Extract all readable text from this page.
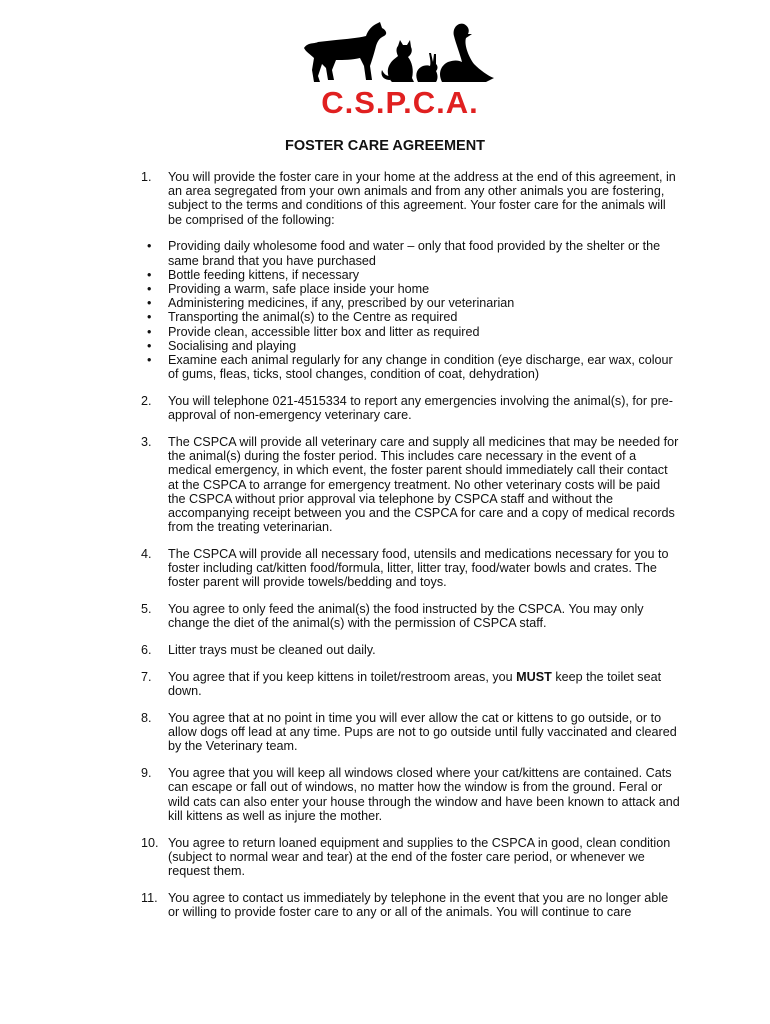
C.S.P.C.A.
FOSTER CARE AGREEMENT
1. You will provide the foster care in your home at the address at the end of this agreement, in an area segregated from your own animals and from any other animals you are fostering, subject to the terms and conditions of this agreement. Your foster care for the animals will be comprised of the following:
• Providing daily wholesome food and water – only that food provided by the shelter or the same brand that you have purchased
• Bottle feeding kittens, if necessary
• Providing a warm, safe place inside your home
• Administering medicines, if any, prescribed by our veterinarian
• Transporting the animal(s) to the Centre as required
• Provide clean, accessible litter box and litter as required
• Socialising and playing
• Examine each animal regularly for any change in condition (eye discharge, ear wax, colour of gums, fleas, ticks, stool changes, condition of coat, dehydration)
2. You will telephone 021-4515334 to report any emergencies involving the animal(s), for pre-approval of non-emergency veterinary care.
3. The CSPCA will provide all veterinary care and supply all medicines that may be needed for the animal(s) during the foster period. This includes care necessary in the event of a medical emergency, in which event, the foster parent should immediately call their contact at the CSPCA to arrange for emergency treatment. No other veterinary costs will be paid the CSPCA without prior approval via telephone by CSPCA staff and without the accompanying receipt between you and the CSPCA for care and a copy of medical records from the treating veterinarian.
4. The CSPCA will provide all necessary food, utensils and medications necessary for you to foster including cat/kitten food/formula, litter, litter tray, food/water bowls and crates. The foster parent will provide towels/bedding and toys.
5. You agree to only feed the animal(s) the food instructed by the CSPCA. You may only change the diet of the animal(s) with the permission of CSPCA staff.
6. Litter trays must be cleaned out daily.
7. You agree that if you keep kittens in toilet/restroom areas, you MUST keep the toilet seat down.
8. You agree that at no point in time you will ever allow the cat or kittens to go outside, or to allow dogs off lead at any time. Pups are not to go outside until fully vaccinated and cleared by the Veterinary team.
9. You agree that you will keep all windows closed where your cat/kittens are contained. Cats can escape or fall out of windows, no matter how the window is from the ground. Feral or wild cats can also enter your house through the window and have been known to attack and kill kittens as well as injure the mother.
10. You agree to return loaned equipment and supplies to the CSPCA in good, clean condition (subject to normal wear and tear) at the end of the foster care period, or whenever we request them.
11. You agree to contact us immediately by telephone in the event that you are no longer able or willing to provide foster care to any or all of the animals. You will continue to care
